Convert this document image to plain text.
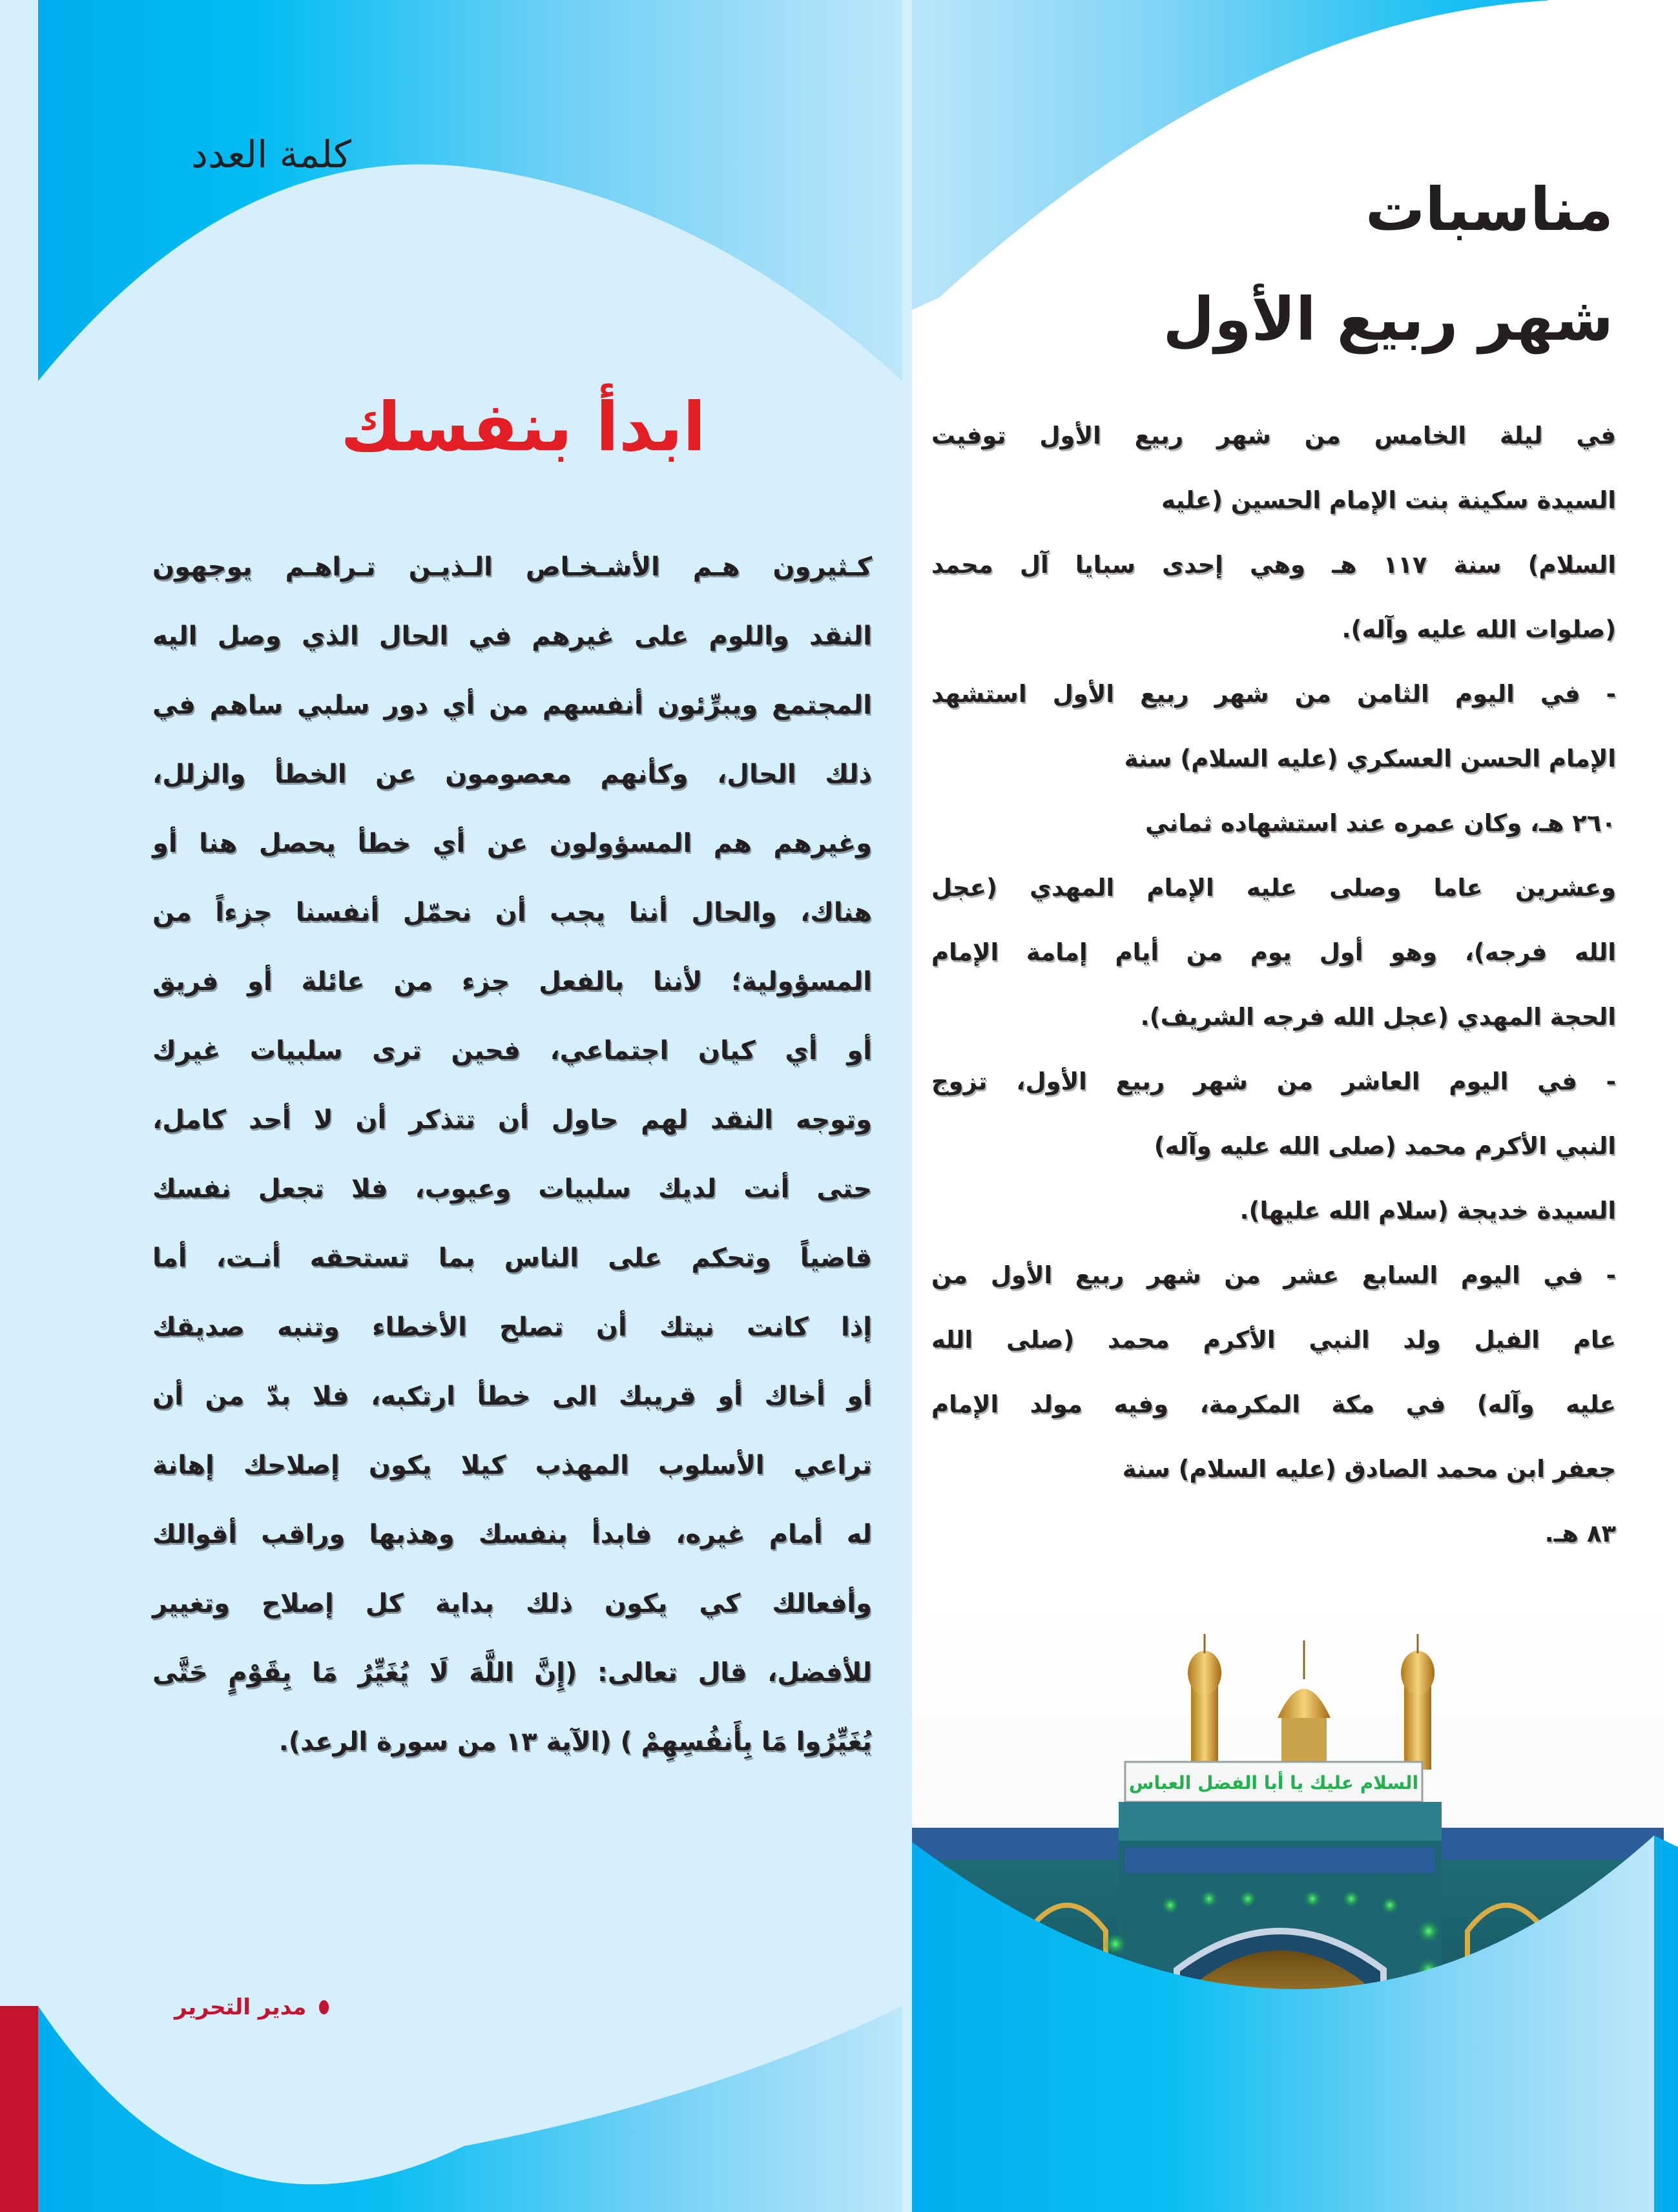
كلمة العدد
ابدأ بنفسك
كـثيرون هـم الأشـخـاص الـذيـن تـراهـم يوجهون
النقد واللوم على غيرهم في الحال الذي وصل اليه
المجتمع ويبرِّئون أنفسهم من أي دور سلبي ساهم في
ذلك الحال، وكأنهم معصومون عن الخطأ والزلل،
وغيرهم هم المسؤولون عن أي خطأ يحصل هنا أو
هناك، والحال أننا يجب أن نحمّل أنفسنا جزءاً من
المسؤولية؛ لأننا بالفعل جزء من عائلة أو فريق
أو أي كيان اجتماعي، فحين ترى سلبيات غيرك
وتوجه النقد لهم حاول أن تتذكر أن لا أحد كامل،
حتى أنت لديك سلبيات وعيوب، فلا تجعل نفسك
قاضياً وتحكم على الناس بما تستحقه أنـت، أما
إذا كانت نيتك أن تصلح الأخطاء وتنبه صديقك
أو أخاك أو قريبك الى خطأ ارتكبه، فلا بدّ من أن
تراعي الأسلوب المهذب كيلا يكون إصلاحك إهانة
له أمام غيره، فابدأ بنفسك وهذبها وراقب أقوالك
وأفعالك كي يكون ذلك بداية كل إصلاح وتغيير
للأفضل، قال تعالى: (إِنَّ اللَّهَ لَا يُغَيِّرُ مَا بِقَوْمٍ حَتَّى
يُغَيِّرُوا مَا بِأَنفُسِهِمْ ) (الآية ١٣ من سورة الرعد).
مدير التحرير
مناسبات
شهر ربيع الأول
في ليلة الخامس من شهر ربيع الأول توفيت
السيدة سكينة بنت الإمام الحسين (عليه
السلام) سنة ١١٧ هـ وهي إحدى سبايا آل محمد
(صلوات الله عليه وآله).
- في اليوم الثامن من شهر ربيع الأول استشهد
الإمام الحسن العسكري (عليه السلام) سنة
٢٦٠ هـ، وكان عمره عند استشهاده ثماني
وعشرين عاما وصلى عليه الإمام المهدي (عجل
الله فرجه)، وهو أول يوم من أيام إمامة الإمام
الحجة المهدي (عجل الله فرجه الشريف).
- في اليوم العاشر من شهر ربيع الأول، تزوج
النبي الأكرم محمد (صلى الله عليه وآله)
السيدة خديجة (سلام الله عليها).
- في اليوم السابع عشر من شهر ربيع الأول من
عام الفيل ولد النبي الأكرم محمد (صلى الله
عليه وآله) في مكة المكرمة، وفيه مولد الإمام
جعفر ابن محمد الصادق (عليه السلام) سنة
٨٣ هـ.
السلام عليك يا أبا الفضل العباس
